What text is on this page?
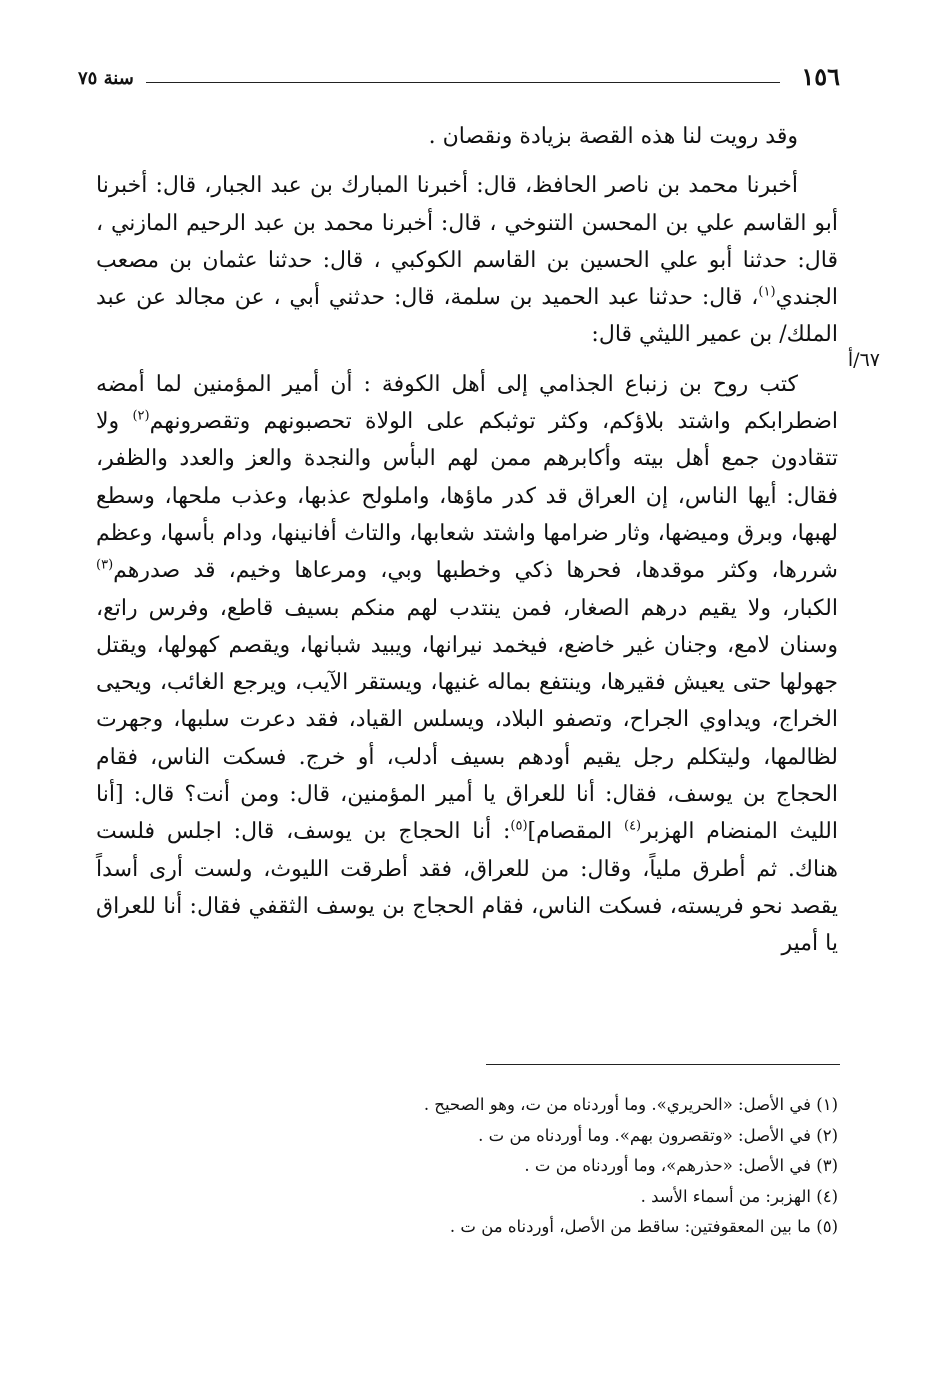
١٥٦
سنة ٧٥
٦٧/أ

وقد رويت لنا هذه القصة بزيادة ونقصان .

أخبرنا محمد بن ناصر الحافظ، قال: أخبرنا المبارك بن عبد الجبار، قال: أخبرنا أبو القاسم علي بن المحسن التنوخي ، قال: أخبرنا محمد بن عبد الرحيم المازني ، قال: حدثنا أبو علي الحسين بن القاسم الكوكبي ، قال: حدثنا عثمان بن مصعب الجندي$^{(١)}$، قال: حدثنا عبد الحميد بن سلمة، قال: حدثني أبي ، عن مجالد عن عبد الملك/ بن عمير الليثي قال:

كتب روح بن زنباع الجذامي إلى أهل الكوفة : أن أمير المؤمنين لما أمضه اضطرابكم واشتد بلاؤكم، وكثر توثبكم على الولاة تحصبونهم وتقصرونهم$^{(٢)}$ ولا تتقادون جمع أهل بيته وأكابرهم ممن لهم البأس والنجدة والعز والعدد والظفر، فقال: أيها الناس، إن العراق قد كدر ماؤها، واملولح عذبها، وعذب ملحها، وسطع لهبها، وبرق وميضها، وثار ضرامها واشتد شعابها، والتاث أفانينها، ودام بأسها، وعظم شررها، وكثر موقدها، فحرها ذكي وخطبها وبي، ومرعاها وخيم، قد صدرهم$^{(٣)}$ الكبار، ولا يقيم درهم الصغار، فمن ينتدب لهم منكم بسيف قاطع، وفرس راتع، وسنان لامع، وجنان غير خاضع، فيخمد نيرانها، ويبيد شبانها، ويقصم كهولها، ويقتل جهولها حتى يعيش فقيرها، وينتفع بماله غنيها، ويستقر الآيب، ويرجع الغائب، ويحيى الخراج، ويداوي الجراح، وتصفو البلاد، ويسلس القياد، فقد دعرت سلبها، وجهرت لظالمها، وليتكلم رجل يقيم أودهم بسيف أدلب، أو خرج. فسكت الناس، فقام الحجاج بن يوسف، فقال: أنا للعراق يا أمير المؤمنين، قال: ومن أنت؟ قال: [أنا الليث المنضام الهزبر$^{(٤)}$ المقصام]$^{(٥)}$: أنا الحجاج بن يوسف، قال: اجلس فلست هناك. ثم أطرق ملياً، وقال: من للعراق، فقد أطرقت الليوث، ولست أرى أسداً يقصد نحو فريسته، فسكت الناس، فقام الحجاج بن يوسف الثقفي فقال: أنا للعراق يا أمير

(١) في الأصل: «الحريري». وما أوردناه من ت، وهو الصحيح .
(٢) في الأصل: «وتقصرون بهم». وما أوردناه من ت .
(٣) في الأصل: «حذرهم»، وما أوردناه من ت .
(٤) الهزبر: من أسماء الأسد .
(٥) ما بين المعقوفتين: ساقط من الأصل، أوردناه من ت .
